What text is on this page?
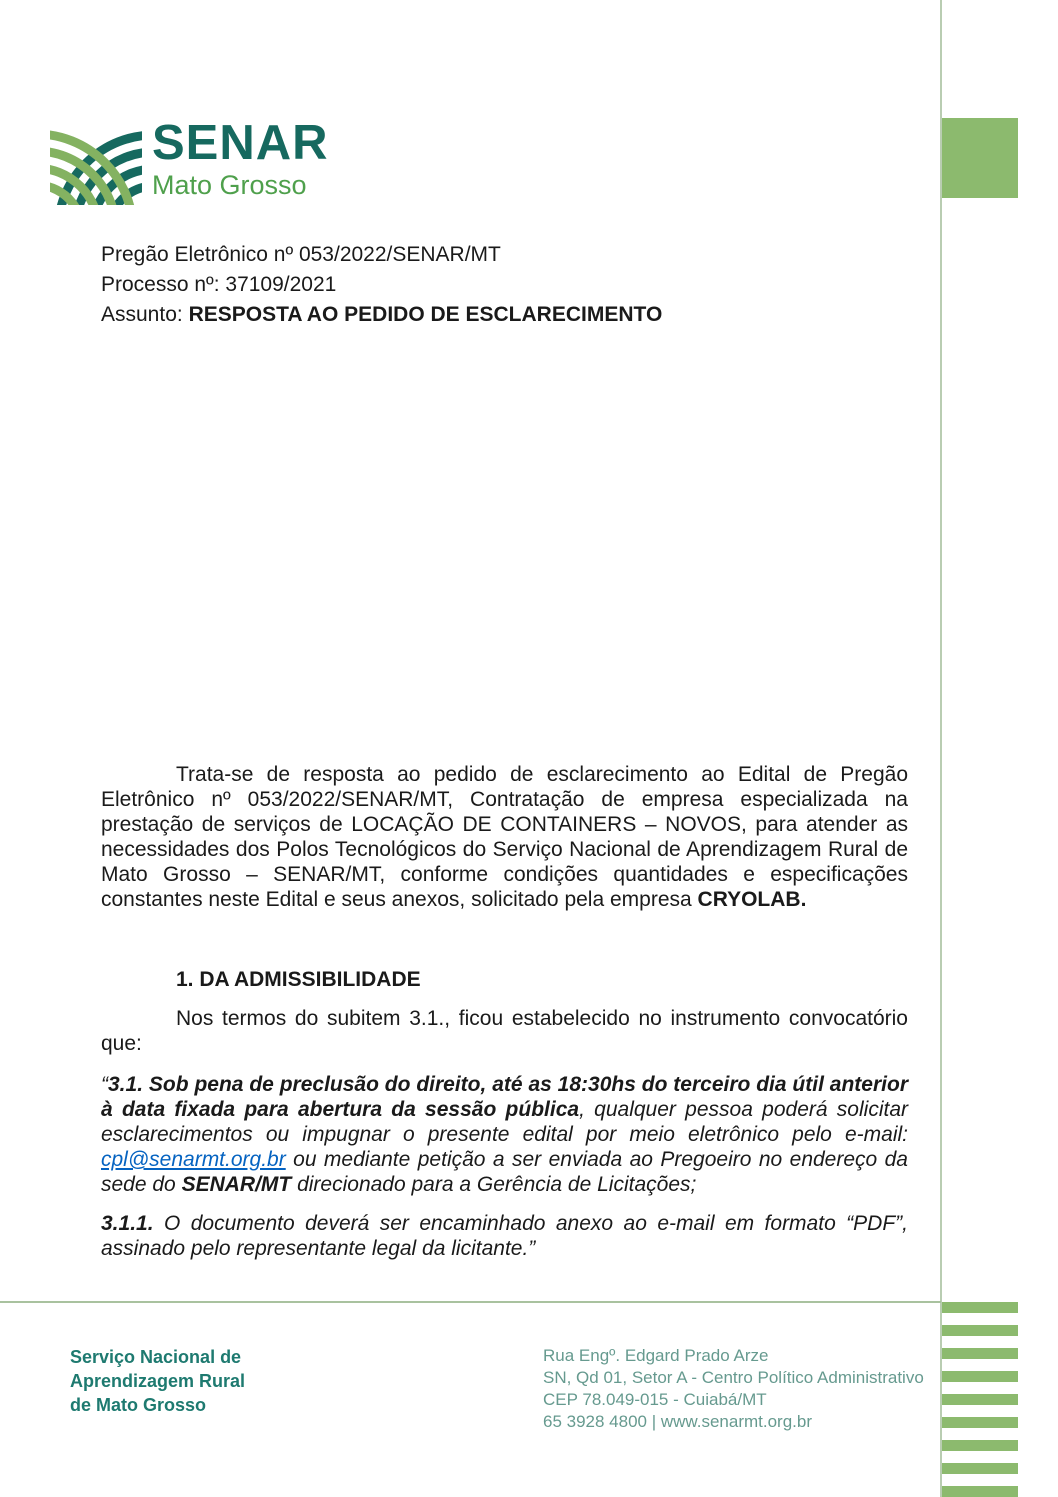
SENAR
Mato Grosso
Pregão Eletrônico nº 053/2022/SENAR/MT
Processo nº: 37109/2021
Assunto: RESPOSTA AO PEDIDO DE ESCLARECIMENTO

Trata-se de resposta ao pedido de esclarecimento ao Edital de Pregão Eletrônico nº 053/2022/SENAR/MT, Contratação de empresa especializada na prestação de serviços de LOCAÇÃO DE CONTAINERS – NOVOS, para atender as necessidades dos Polos Tecnológicos do Serviço Nacional de Aprendizagem Rural de Mato Grosso – SENAR/MT, conforme condições quantidades e especificações constantes neste Edital e seus anexos, solicitado pela empresa CRYOLAB.

1. DA ADMISSIBILIDADE

Nos termos do subitem 3.1., ficou estabelecido no instrumento convocatório que:

“3.1. Sob pena de preclusão do direito, até as 18:30hs do terceiro dia útil anterior à data fixada para abertura da sessão pública, qualquer pessoa poderá solicitar esclarecimentos ou impugnar o presente edital por meio eletrônico pelo e-mail: cpl@senarmt.org.br ou mediante petição a ser enviada ao Pregoeiro no endereço da sede do SENAR/MT direcionado para a Gerência de Licitações;

3.1.1. O documento deverá ser encaminhado anexo ao e-mail em formato “PDF”, assinado pelo representante legal da licitante.”

Serviço Nacional de
Aprendizagem Rural
de Mato Grosso
Rua Engº. Edgard Prado Arze
SN, Qd 01, Setor A - Centro Político Administrativo
CEP 78.049-015 - Cuiabá/MT
65 3928 4800 | www.senarmt.org.br
